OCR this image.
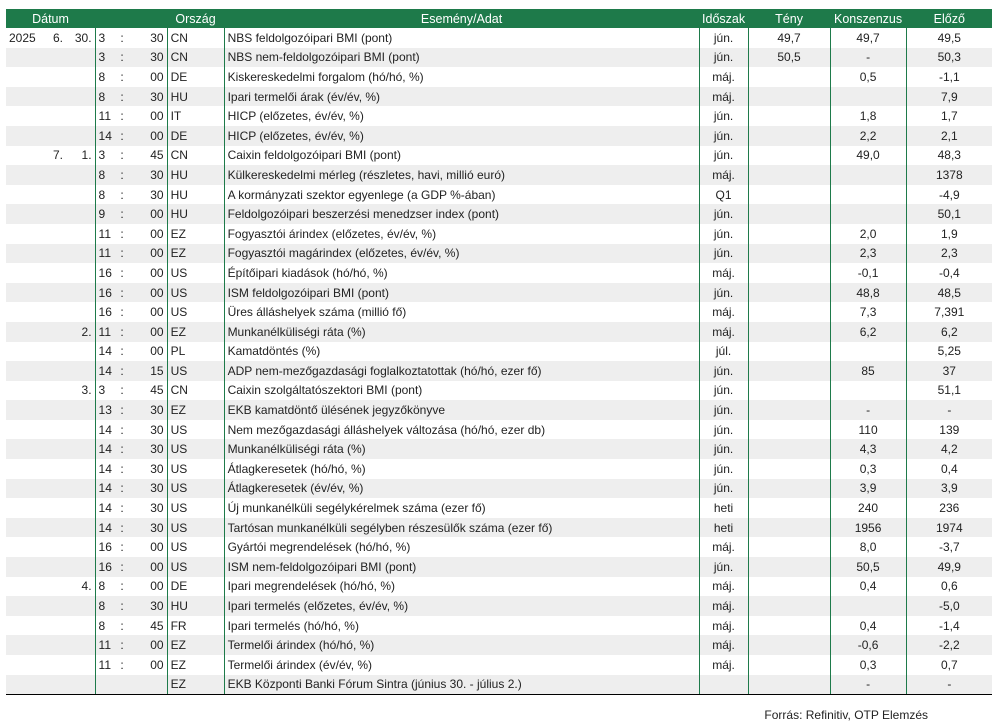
Dátum						Ország	Esemény/Adat	Időszak	Tény	Konszenzus	Előző
2025	6.	30.	3	:	30	CN	NBS feldolgozóipari BMI (pont)	jún.	49,7	49,7	49,5
			3	:	30	CN	NBS nem-feldolgozóipari BMI (pont)	jún.	50,5	-	50,3
			8	:	00	DE	Kiskereskedelmi forgalom (hó/hó, %)	máj.		0,5	-1,1
			8	:	30	HU	Ipari termelői árak (év/év, %)	máj.			7,9
			11	:	00	IT	HICP (előzetes, év/év, %)	jún.		1,8	1,7
			14	:	00	DE	HICP (előzetes, év/év, %)	jún.		2,2	2,1
	7.	1.	3	:	45	CN	Caixin feldolgozóipari BMI (pont)	jún.		49,0	48,3
			8	:	30	HU	Külkereskedelmi mérleg (részletes, havi, millió euró)	máj.			1378
			8	:	30	HU	A kormányzati szektor egyenlege (a GDP %-ában)	Q1			-4,9
			9	:	00	HU	Feldolgozóipari beszerzési menedzser index (pont)	jún.			50,1
			11	:	00	EZ	Fogyasztói árindex (előzetes, év/év, %)	jún.		2,0	1,9
			11	:	00	EZ	Fogyasztói magárindex (előzetes, év/év, %)	jún.		2,3	2,3
			16	:	00	US	Építőipari kiadások (hó/hó, %)	máj.		-0,1	-0,4
			16	:	00	US	ISM feldolgozóipari BMI (pont)	jún.		48,8	48,5
			16	:	00	US	Üres álláshelyek száma (millió fő)	máj.		7,3	7,391
		2.	11	:	00	EZ	Munkanélküliségi ráta (%)	máj.		6,2	6,2
			14	:	00	PL	Kamatdöntés (%)	júl.			5,25
			14	:	15	US	ADP nem-mezőgazdasági foglalkoztatottak (hó/hó, ezer fő)	jún.		85	37
		3.	3	:	45	CN	Caixin szolgáltatószektori BMI (pont)	jún.			51,1
			13	:	30	EZ	EKB kamatdöntő ülésének jegyzőkönyve	jún.		-	-
			14	:	30	US	Nem mezőgazdasági álláshelyek változása (hó/hó, ezer db)	jún.		110	139
			14	:	30	US	Munkanélküliségi ráta (%)	jún.		4,3	4,2
			14	:	30	US	Átlagkeresetek (hó/hó, %)	jún.		0,3	0,4
			14	:	30	US	Átlagkeresetek (év/év, %)	jún.		3,9	3,9
			14	:	30	US	Új munkanélküli segélykérelmek száma (ezer fő)	heti		240	236
			14	:	30	US	Tartósan munkanélküli segélyben részesülők száma (ezer fő)	heti		1956	1974
			16	:	00	US	Gyártói megrendelések (hó/hó, %)	máj.		8,0	-3,7
			16	:	00	US	ISM nem-feldolgozóipari BMI (pont)	jún.		50,5	49,9
		4.	8	:	00	DE	Ipari megrendelések (hó/hó, %)	máj.		0,4	0,6
			8	:	30	HU	Ipari termelés (előzetes, év/év, %)	máj.			-5,0
			8	:	45	FR	Ipari termelés (hó/hó, %)	máj.		0,4	-1,4
			11	:	00	EZ	Termelői árindex (hó/hó, %)	máj.		-0,6	-2,2
			11	:	00	EZ	Termelői árindex (év/év, %)	máj.		0,3	0,7
						EZ	EKB Központi Banki Fórum Sintra (június 30. - július 2.)			-	-
Forrás: Refinitiv, OTP Elemzés
